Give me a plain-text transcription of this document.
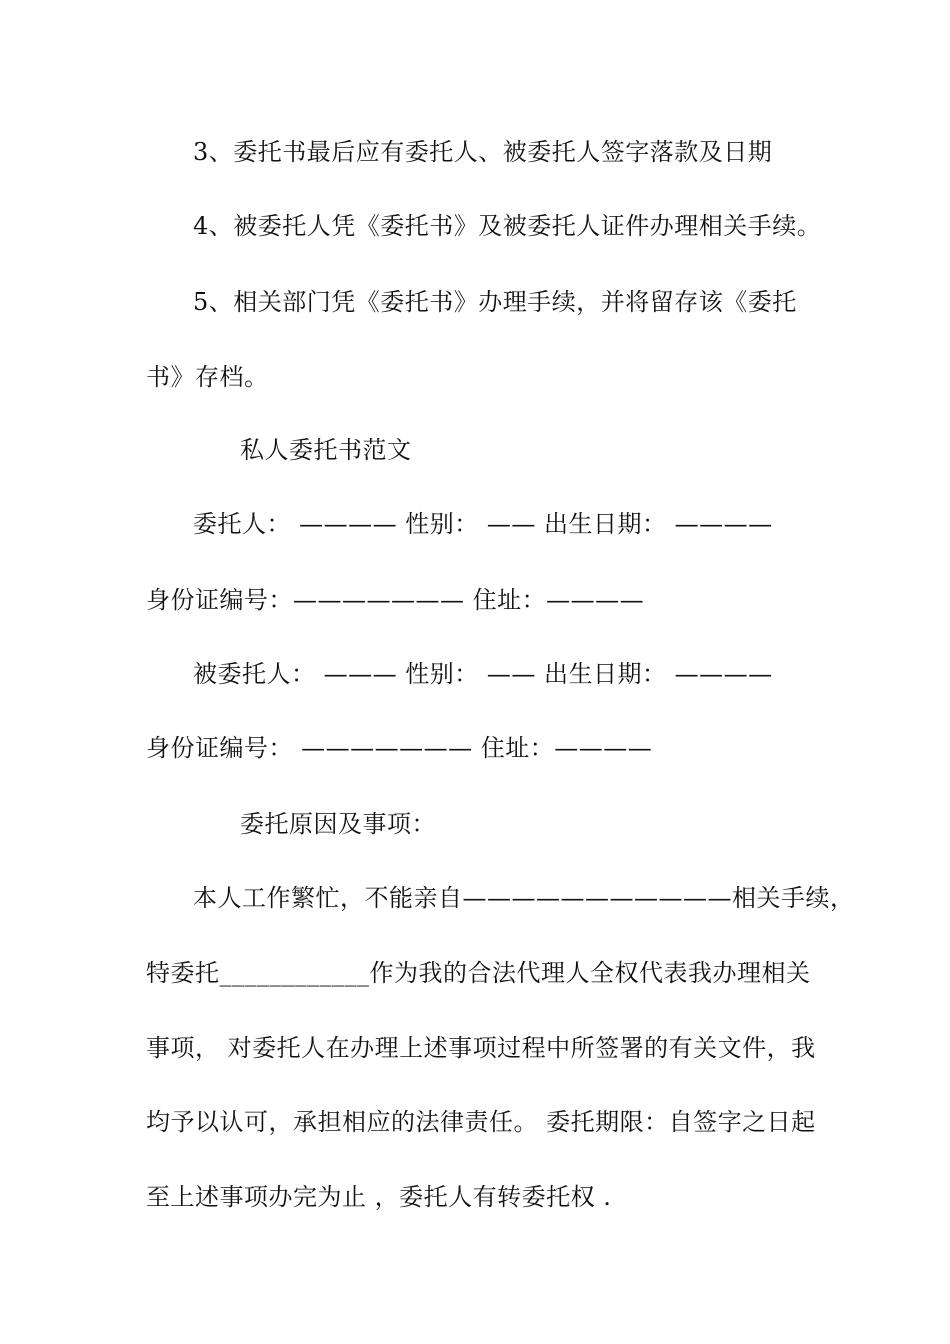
3、委托书最后应有委托人、被委托人签字落款及日期
4、被委托人凭《委托书》及被委托人证件办理相关手续。
5、相关部门凭《委托书》办理手续，并将留存该《委托
书》存档。
私人委托书范文
委托人： ———— 性别： —— 出生日期： ————
身份证编号：——————— 住址：————
被委托人： ——— 性别： —— 出生日期： ————
身份证编号： ——————— 住址：————
委托原因及事项：
本人工作繁忙，不能亲自———————————相关手续，
特委托____________作为我的合法代理人全权代表我办理相关
事项， 对委托人在办理上述事项过程中所签署的有关文件，我
均予以认可，承担相应的法律责任。 委托期限：自签字之日起
至上述事项办完为止 ，委托人有转委托权 .
